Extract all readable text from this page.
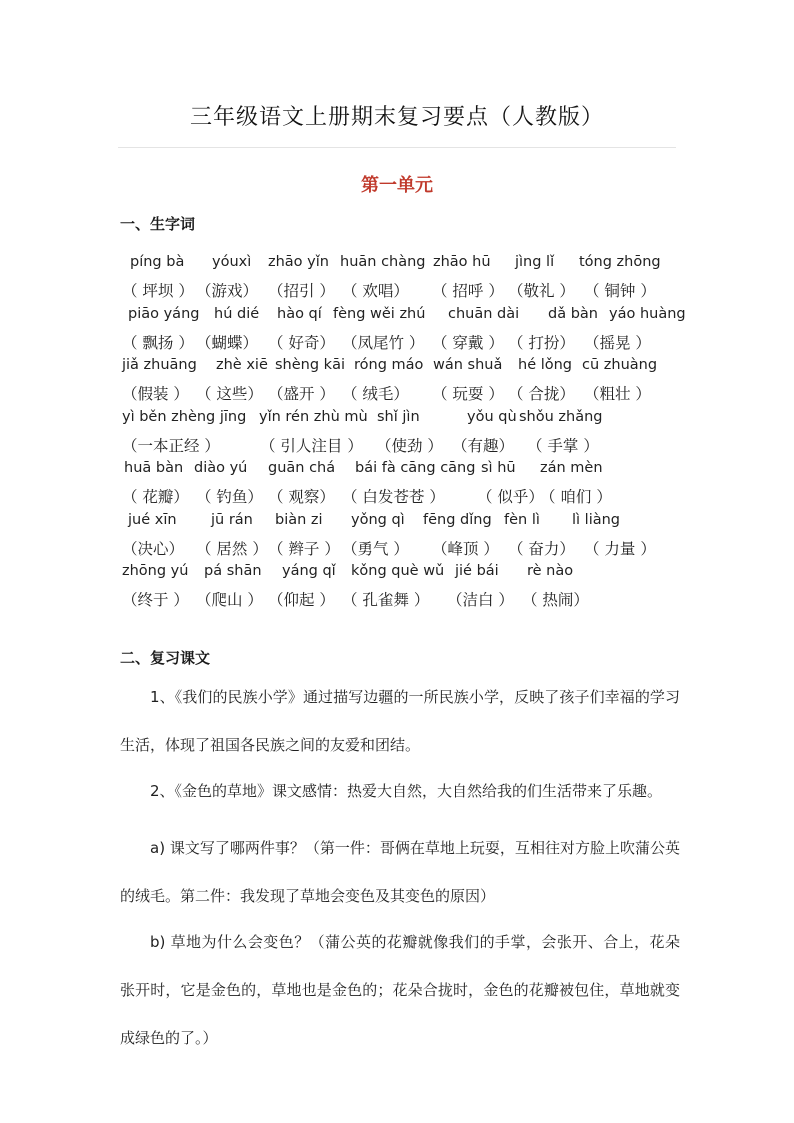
三年级语文上册期末复习要点（人教版）
第一单元
一、生字词
píng bà yóuxì zhāo yǐn huān chàng zhāo hū jìng lǐ tóng zhōng
（ 坪坝 ） （游戏） （招引 ） （ 欢唱） （ 招呼 ） （敬礼 ） （ 铜钟 ）
piāo yáng hú dié hào qí fèng wěi zhú chuān dài dǎ bàn yáo huàng
（ 飘扬 ） （蝴蝶） （ 好奇） （凤尾竹 ） （ 穿戴 ） （ 打扮） （摇晃 ）
jiǎ zhuāng zhè xiē shèng kāi róng máo wán shuǎ hé lǒng cū zhuàng
（假装 ） （ 这些） （盛开 ） （ 绒毛） （ 玩耍 ） （ 合拢） （粗壮 ）
yì běn zhèng jīng yǐn rén zhù mù shǐ jìn	yǒu qù shǒu zhǎng
（一本正经 ）	（ 引人注目 ） （使劲 ） （有趣） （ 手掌 ）
huā bàn diào yú guān chá bái fà cāng cāng sì hū zán mèn
（ 花瓣） （ 钓鱼） （ 观察） （ 白发苍苍 ） （ 似乎）
（ 咱们 ）
jué xīn jū rán biàn zi yǒng qì fēng dǐng fèn lì lì liàng
（决心） （ 居然 ） （ 辫子 ） （勇气 ） （峰顶 ） （ 奋力） （ 力量 ）
zhōng yú pá shān yáng qǐ kǒng què wǔ jié bái rè nào
（终于 ） （爬山 ） （仰起 ） （ 孔雀舞 ） （洁白 ） （ 热闹）
二、复习课文

1、《我们的民族小学》通过描写边疆的一所民族小学，反映了孩子们幸福的学习生活，体现了祖国各民族之间的友爱和团结。

2、《金色的草地》课文感情：热爱大自然，大自然给我的们生活带来了乐趣。

a) 课文写了哪两件事？（第一件：哥俩在草地上玩耍，互相往对方脸上吹蒲公英的绒毛。第二件：我发现了草地会变色及其变色的原因）

b) 草地为什么会变色？（蒲公英的花瓣就像我们的手掌，会张开、合上，花朵张开时，它是金色的，草地也是金色的；花朵合拢时，金色的花瓣被包住，草地就变成绿色的了。）
